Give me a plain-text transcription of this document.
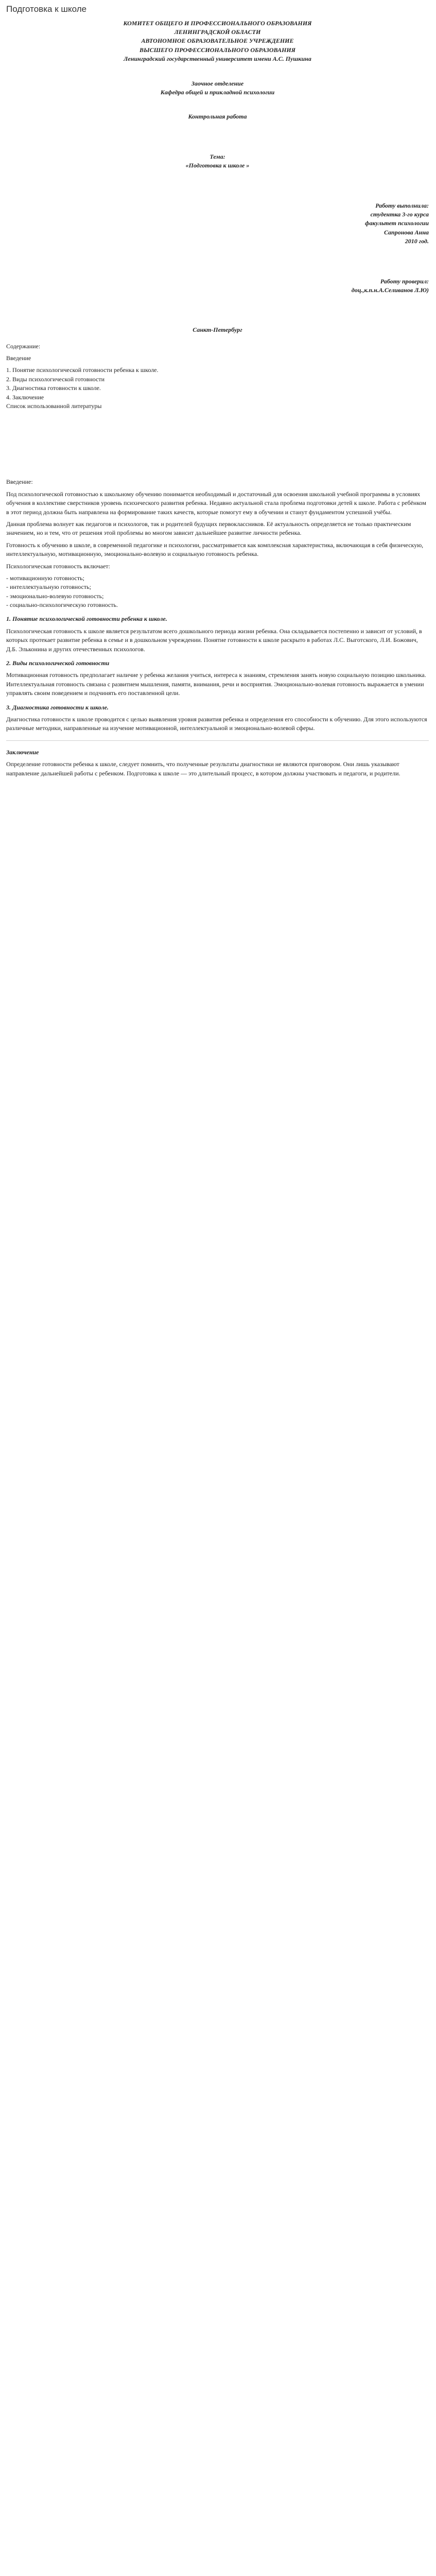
Подготовка к школе

КОМИТЕТ ОБЩЕГО И ПРОФЕССИОНАЛЬНОГО ОБРАЗОВАНИЯ

ЛЕНИНГРАДСКОЙ ОБЛАСТИ

АВТОНОМНОЕ ОБРАЗОВАТЕЛЬНОЕ УЧРЕЖДЕНИЕ

ВЫСШЕГО ПРОФЕССИОНАЛЬНОГО ОБРАЗОВАНИЯ

Ленинградский государственный университет имени А.С. Пушкина

Заочное отделение

Кафедра общей и прикладной психологии

Контрольная работа

Тема:

«Подготовка к школе »

Работу выполнила:

студентка 3-го курса

факультет психологии

Сапронова Анна

2010 год.

Работу проверил:

доц.,к.п.н.А.Селиванов Л.Ю)

Санкт-Петербург

Содержание:

Введение

1. Понятие психологической готовности ребенка к школе.
2. Виды психологической готовности
3. Диагностика готовности к школе.
4. Заключение
Список использованной литературы

Введение:

Под психологической готовностью к школьному обучению понимается необходимый и достаточный для освоения школьной учебной программы в условиях обучения в коллективе сверстников уровень психического развития ребенка. Недавно актуальной стала проблема подготовки детей к школе. Работа с ребёнком в этот период должна быть направлена на формирование таких качеств, которые помогут ему в обучении и станут фундаментом успешной учёбы.

Данная проблема волнует как педагогов и психологов, так и родителей будущих первоклассников. Её актуальность определяется не только практическим значением, но и тем, что от решения этой проблемы во многом зависит дальнейшее развитие личности ребенка.

Готовность к обучению в школе, в современной педагогике и психологии, рассматривается как комплексная характеристика, включающая в себя физическую, интеллектуальную, мотивационную, эмоционально-волевую и социальную готовность ребенка.

Психологическая готовность включает:

- мотивационную готовность;
- интеллектуальную готовность;
- эмоционально-волевую готовность;
- социально-психологическую готовность.

1. Понятие психологической готовности ребенка к школе.

Психологическая готовность к школе является результатом всего дошкольного периода жизни ребенка. Она складывается постепенно и зависит от условий, в которых протекает развитие ребенка в семье и в дошкольном учреждении. Понятие готовности к школе раскрыто в работах Л.С. Выготского, Л.И. Божович, Д.Б. Эльконина и других отечественных психологов.

2. Виды психологической готовности

Мотивационная готовность предполагает наличие у ребенка желания учиться, интереса к знаниям, стремления занять новую социальную позицию школьника. Интеллектуальная готовность связана с развитием мышления, памяти, внимания, речи и восприятия. Эмоционально-волевая готовность выражается в умении управлять своим поведением и подчинять его поставленной цели.

3. Диагностика готовности к школе.

Диагностика готовности к школе проводится с целью выявления уровня развития ребенка и определения его способности к обучению. Для этого используются различные методики, направленные на изучение мотивационной, интеллектуальной и эмоционально-волевой сферы.

Заключение

Определение готовности ребенка к школе, следует помнить, что полученные результаты диагностики не являются приговором. Они лишь указывают направление дальнейшей работы с ребенком. Подготовка к школе — это длительный процесс, в котором должны участвовать и педагоги, и родители.
